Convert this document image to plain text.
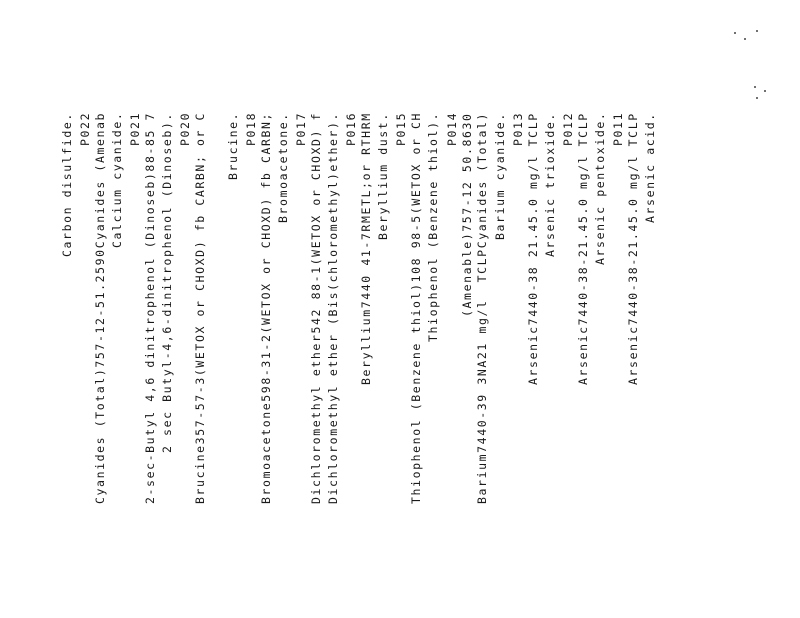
Arsenic acid.
Arsenic7440-38-21.45.0 mg/l TCLP
P011
Arsenic pentoxide.
Arsenic7440-38-21.45.0 mg/l TCLP
P012
Arsenic trioxide.
Arsenic7440-38 21.45.0 mg/l TCLP
P013
Barium cyanide.
Barium7440-39 3NA21 mg/l  TCLPCyanides (Total)
(Amenable)757-12 50.8630
P014
Thiophenol (Benzene thiol).
Thiophenol (Benzene thiol)108 98-5(WETOX or CH
P015
Beryllium dust.
Beryllium7440 41-7RMETL;or RTHRM
P016
Dichloromethyl ether (Bis(chloromethyl)ether).
Dichloromethyl ether542 88-1(WETOX or CHOXD) f
P017
Bromoacetone.
Bromoacetone598-31-2(WETOX or CHOXD) fb CARBN;
P018
Brucine.
Brucine357-57-3(WETOX or CHOXD) fb CARBN; or C
P020
2 sec Butyl-4,6-dinitrophenol (Dinoseb).
2-sec-Butyl 4,6 dinitrophenol (Dinoseb)88-85 7
P021
Calcium cyanide.
Cyanides (Total)757-12-51.2590Cyanides (Amenab
P022
Carbon disulfide.
